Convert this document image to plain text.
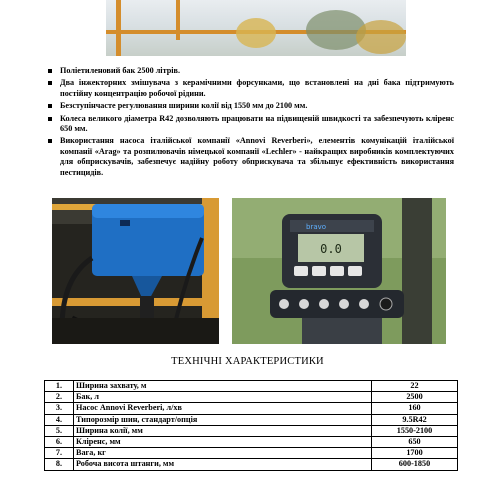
Поліетиленовий бак 2500 літрів.
Два інжекторних змішувача з керамічними форсунками, що встановлені на дні бака підтримують постійну концентрацію робочої рідини.
Безступінчасте регулювання ширини колії від 1550 мм до 2100 мм.
Колеса великого діаметра R42 дозволяють працювати на підвищеній швидкості та забезпечують кліренс 650 мм.
Використання насоса італійської компанії «Annovi Reverberi», елементів комунікацій італійської компанії «Arag» та розпилювачів німецької компанії «Lechler» - найкращих виробників комплектуючих для обприскувачів, забезпечує надійну роботу обприскувача та збільшує ефективність використання пестицидів.
0.0
bravo
ТЕХНІЧНІ ХАРАКТЕРИСТИКИ
1.	Ширина захвату, м	22
2.	Бак, л	2500
3.	Насос Annovi Reverberi, л/хв	160
4.	Типорозмір шин, стандарт/опція	9.5R42
5.	Ширина колії, мм	1550-2100
6.	Кліренс, мм	650
7.	Вага, кг	1700
8.	Робоча висота штанги, мм	600-1850
